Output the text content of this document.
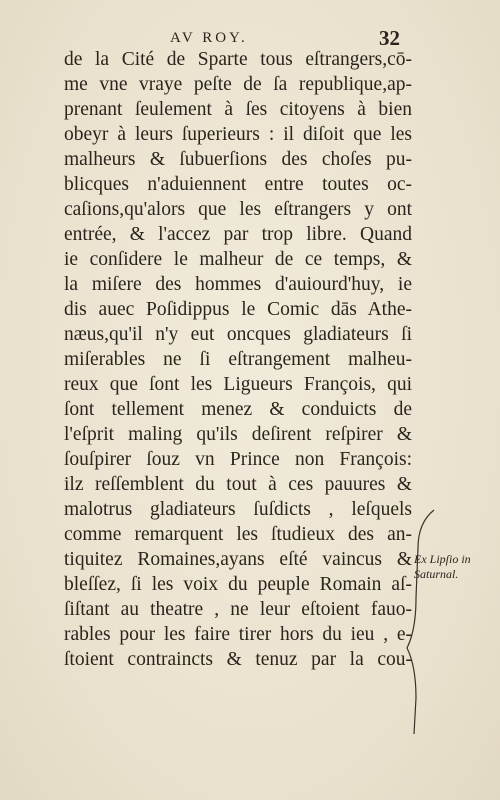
AV ROY.	32
de la Cité de Sparte tous eſtrangers,cō-
me vne vraye peſte de ſa republique,ap-
prenant ſeulement à ſes citoyens à bien
obeyr à leurs ſuperieurs : il diſoit que les
malheurs & ſubuerſions des choſes pu-
blicques n'aduiennent entre toutes oc-
caſions,qu'alors que les eſtrangers y ont
entrée, & l'accez par trop libre. Quand
ie conſidere le malheur de ce temps, &
la miſere des hommes d'auiourd'huy, ie
dis auec Poſidippus le Comic dās Athe-
næus,qu'il n'y eut oncques gladiateurs ſi
miſerables ne ſi eſtrangement malheu-
reux que ſont les Ligueurs François, qui
ſont tellement menez & conduicts de
l'eſprit maling qu'ils deſirent reſpirer &
ſouſpirer ſouz vn Prince non François:
ilz reſſemblent du tout à ces pauures &
malotrus gladiateurs ſuſdicts , leſquels
comme remarquent les ſtudieux des an-
tiquitez Romaines,ayans eſté vaincus &
bleſſez, ſi les voix du peuple Romain aſ-
ſiſtant au theatre , ne leur eſtoient fauo-
rables pour les faire tirer hors du ieu , e-
ſtoient contraincts & tenuz par la cou-
Ex Lipſio in
Saturnal.
